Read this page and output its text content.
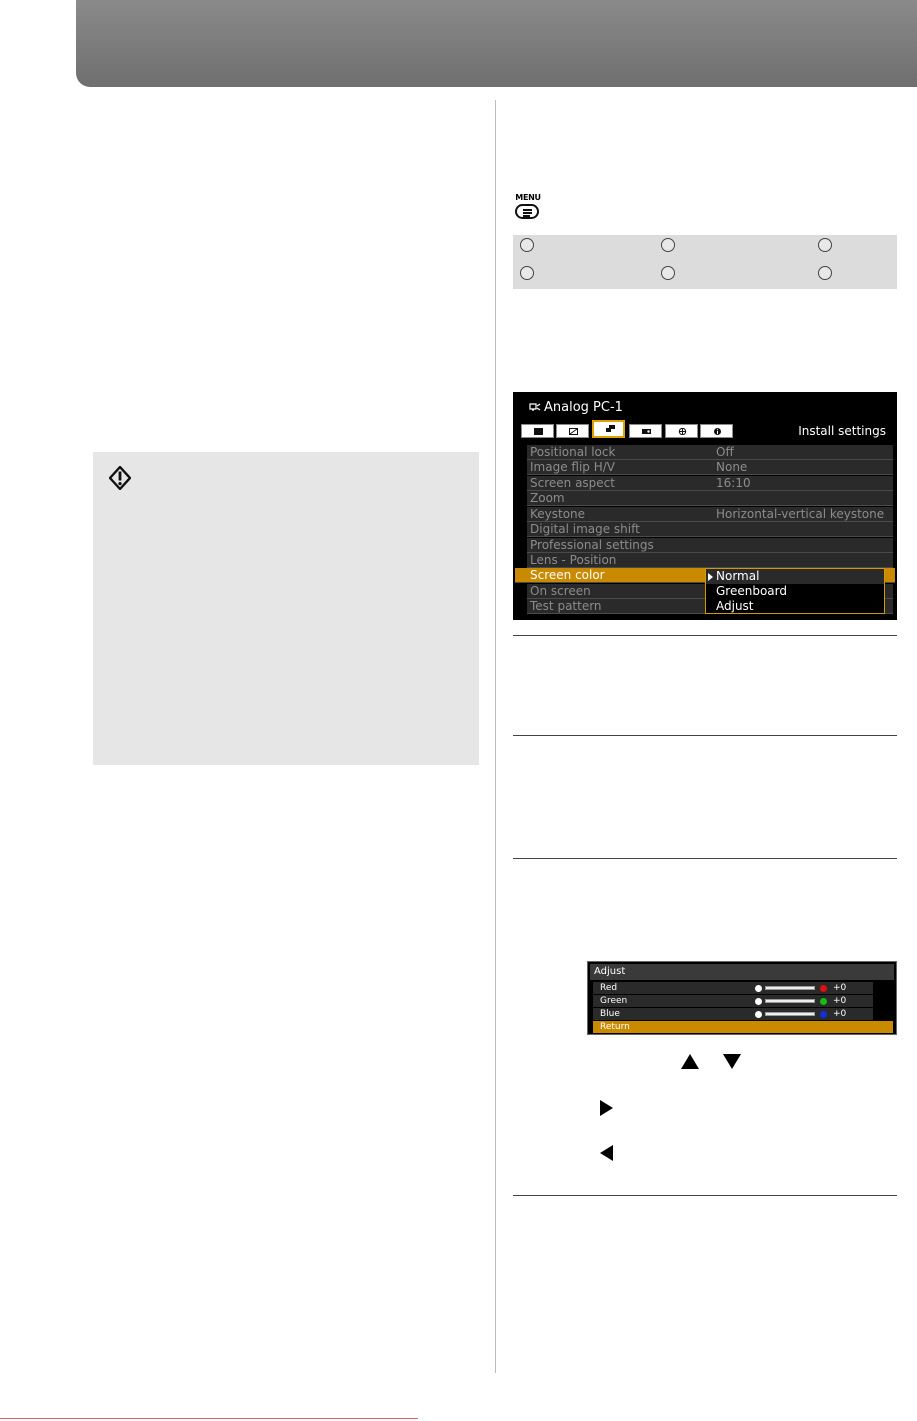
MENU
Analog PC-1
Install settings
Positional lock	Off
Image flip H/V	None
Screen aspect	16:10
Zoom
Keystone	Horizontal-vertical keystone
Digital image shift
Professional settings
Lens - Position
Screen color
On screen
Test pattern
Normal
Greenboard
Adjust
Adjust
Red	+0
Green	+0
Blue	+0
Return
